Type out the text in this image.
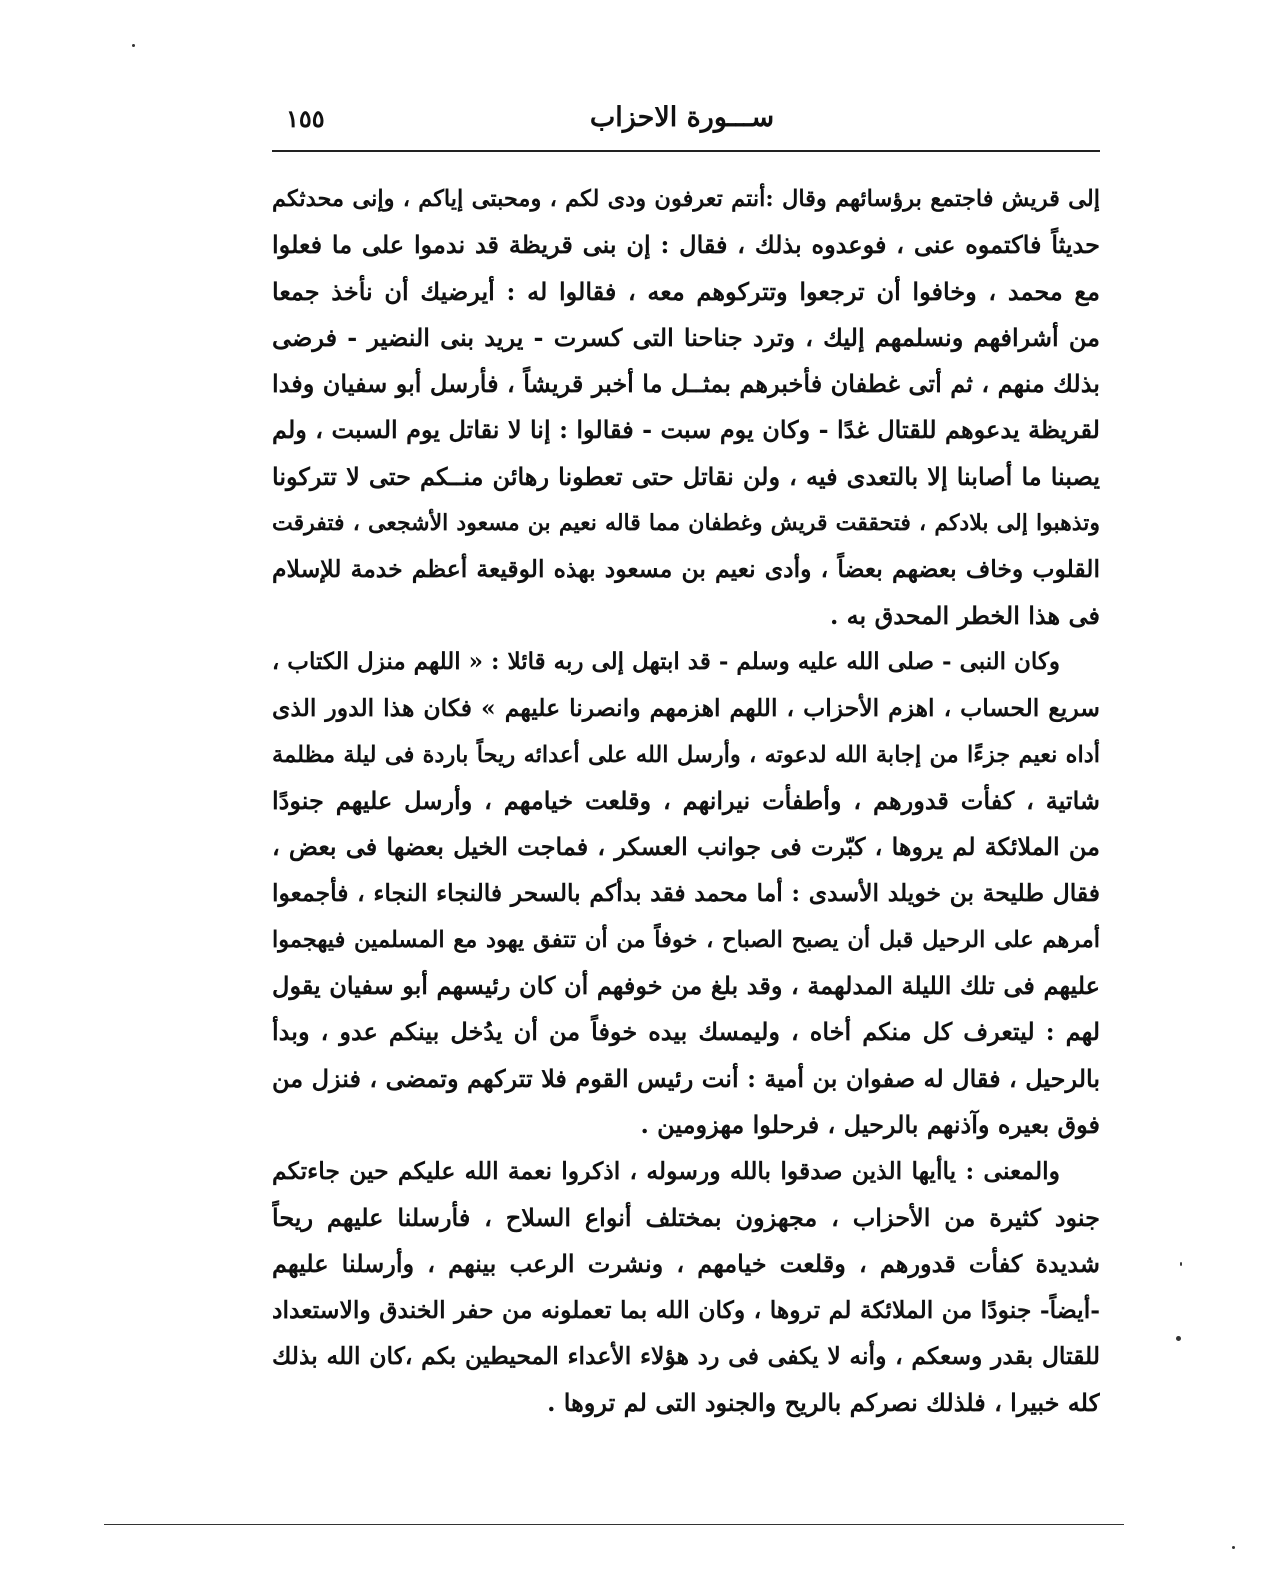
ســـورة الاحزاب
١٥٥
إلى قريش فاجتمع برؤسائهم وقال :أنتم تعرفون ودى لكم ، ومحبتى إياكم ، وإنى محدثكم
حديثاً فاكتموه عنى ، فوعدوه بذلك ، فقال : إن بنى قريظة قد ندموا على ما فعلوا
مع محمد ، وخافوا أن ترجعوا وتتركوهم معه ، فقالوا له : أيرضيك أن نأخذ جمعا
من أشرافهم ونسلمهم إليك ، وترد جناحنا التى كسرت - يريد بنى النضير - فرضى
بذلك منهم ، ثم أتى غطفان فأخبرهم بمثــل ما أخبر قريشاً ، فأرسل أبو سفيان وفدا
لقريظة يدعوهم للقتال غدًا - وكان يوم سبت - فقالوا : إنا لا نقاتل يوم السبت ، ولم
يصبنا ما أصابنا إلا بالتعدى فيه ، ولن نقاتل حتى تعطونا رهائن منــكم حتى لا تتركونا
وتذهبوا إلى بلادكم ، فتحققت قريش وغطفان مما قاله نعيم بن مسعود الأشجعى ، فتفرقت
القلوب وخاف بعضهم بعضاً ، وأدى نعيم بن مسعود بهذه الوقيعة أعظم خدمة للإسلام
فى هذا الخطر المحدق به .
وكان النبى - صلى الله عليه وسلم - قد ابتهل إلى ربه قائلا : « اللهم منزل الكتاب ،
سريع الحساب ، اهزم الأحزاب ، اللهم اهزمهم وانصرنا عليهم » فكان هذا الدور الذى
أداه نعيم جزءًا من إجابة الله لدعوته ، وأرسل الله على أعدائه ريحاً باردة فى ليلة مظلمة
شاتية ، كفأت قدورهم ، وأطفأت نيرانهم ، وقلعت خيامهم ، وأرسل عليهم جنودًا
من الملائكة لم يروها ، كبّرت فى جوانب العسكر ، فماجت الخيل بعضها فى بعض ،
فقال طليحة بن خويلد الأسدى : أما محمد فقد بدأكم بالسحر فالنجاء النجاء ، فأجمعوا
أمرهم على الرحيل قبل أن يصبح الصباح ، خوفاً من أن تتفق يهود مع المسلمين فيهجموا
عليهم فى تلك الليلة المدلهمة ، وقد بلغ من خوفهم أن كان رئيسهم أبو سفيان يقول
لهم : ليتعرف كل منكم أخاه ، وليمسك بيده خوفاً من أن يدُخل بينكم عدو ، وبدأ
بالرحيل ، فقال له صفوان بن أمية : أنت رئيس القوم فلا تتركهم وتمضى ، فنزل من
فوق بعيره وآذنهم بالرحيل ، فرحلوا مهزومين .
والمعنى : ياأيها الذين صدقوا بالله ورسوله ، اذكروا نعمة الله عليكم حين جاءتكم
جنود كثيرة من الأحزاب ، مجهزون بمختلف أنواع السلاح ، فأرسلنا عليهم ريحاً
شديدة كفأت قدورهم ، وقلعت خيامهم ، ونشرت الرعب بينهم ، وأرسلنا عليهم
-أيضاً- جنودًا من الملائكة لم تروها ، وكان الله بما تعملونه من حفر الخندق والاستعداد
للقتال بقدر وسعكم ، وأنه لا يكفى فى رد هؤلاء الأعداء المحيطين بكم ،كان الله بذلك
كله خبيرا ، فلذلك نصركم بالريح والجنود التى لم تروها .
